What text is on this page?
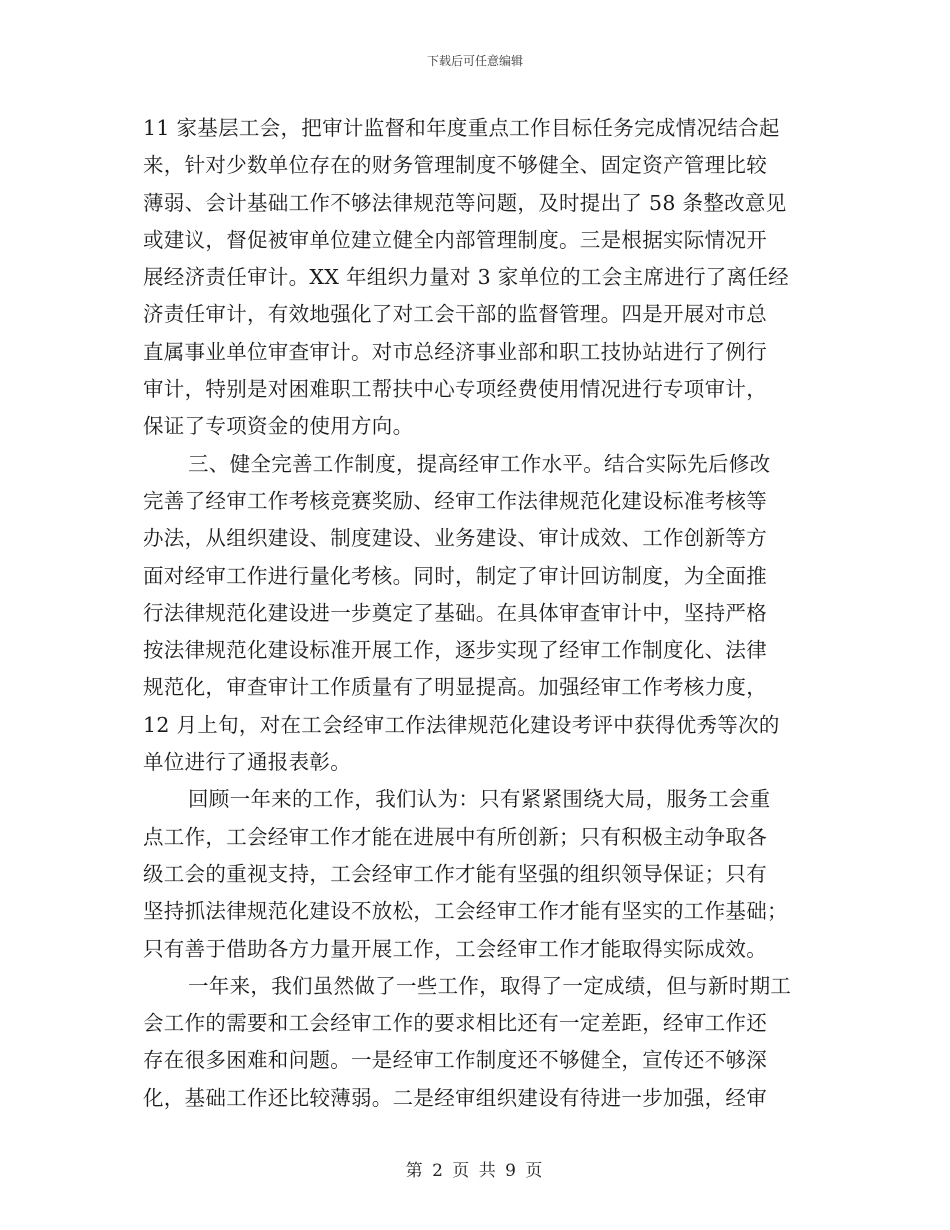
下载后可任意编辑
11 家基层工会，把审计监督和年度重点工作目标任务完成情况结合起
来，针对少数单位存在的财务管理制度不够健全、固定资产管理比较
薄弱、会计基础工作不够法律规范等问题，及时提出了 58 条整改意见
或建议，督促被审单位建立健全内部管理制度。三是根据实际情况开
展经济责任审计。XX 年组织力量对 3 家单位的工会主席进行了离任经
济责任审计，有效地强化了对工会干部的监督管理。四是开展对市总
直属事业单位审查审计。对市总经济事业部和职工技协站进行了例行
审计，特别是对困难职工帮扶中心专项经费使用情况进行专项审计，
保证了专项资金的使用方向。
三、健全完善工作制度，提高经审工作水平。结合实际先后修改
完善了经审工作考核竞赛奖励、经审工作法律规范化建设标准考核等
办法，从组织建设、制度建设、业务建设、审计成效、工作创新等方
面对经审工作进行量化考核。同时，制定了审计回访制度，为全面推
行法律规范化建设进一步奠定了基础。在具体审查审计中，坚持严格
按法律规范化建设标准开展工作，逐步实现了经审工作制度化、法律
规范化，审查审计工作质量有了明显提高。加强经审工作考核力度，
12 月上旬，对在工会经审工作法律规范化建设考评中获得优秀等次的
单位进行了通报表彰。
回顾一年来的工作，我们认为：只有紧紧围绕大局，服务工会重
点工作，工会经审工作才能在进展中有所创新；只有积极主动争取各
级工会的重视支持，工会经审工作才能有坚强的组织领导保证；只有
坚持抓法律规范化建设不放松，工会经审工作才能有坚实的工作基础；
只有善于借助各方力量开展工作，工会经审工作才能取得实际成效。
一年来，我们虽然做了一些工作，取得了一定成绩，但与新时期工
会工作的需要和工会经审工作的要求相比还有一定差距，经审工作还
存在很多困难和问题。一是经审工作制度还不够健全，宣传还不够深
化，基础工作还比较薄弱。二是经审组织建设有待进一步加强，经审
第 2 页 共 9 页
